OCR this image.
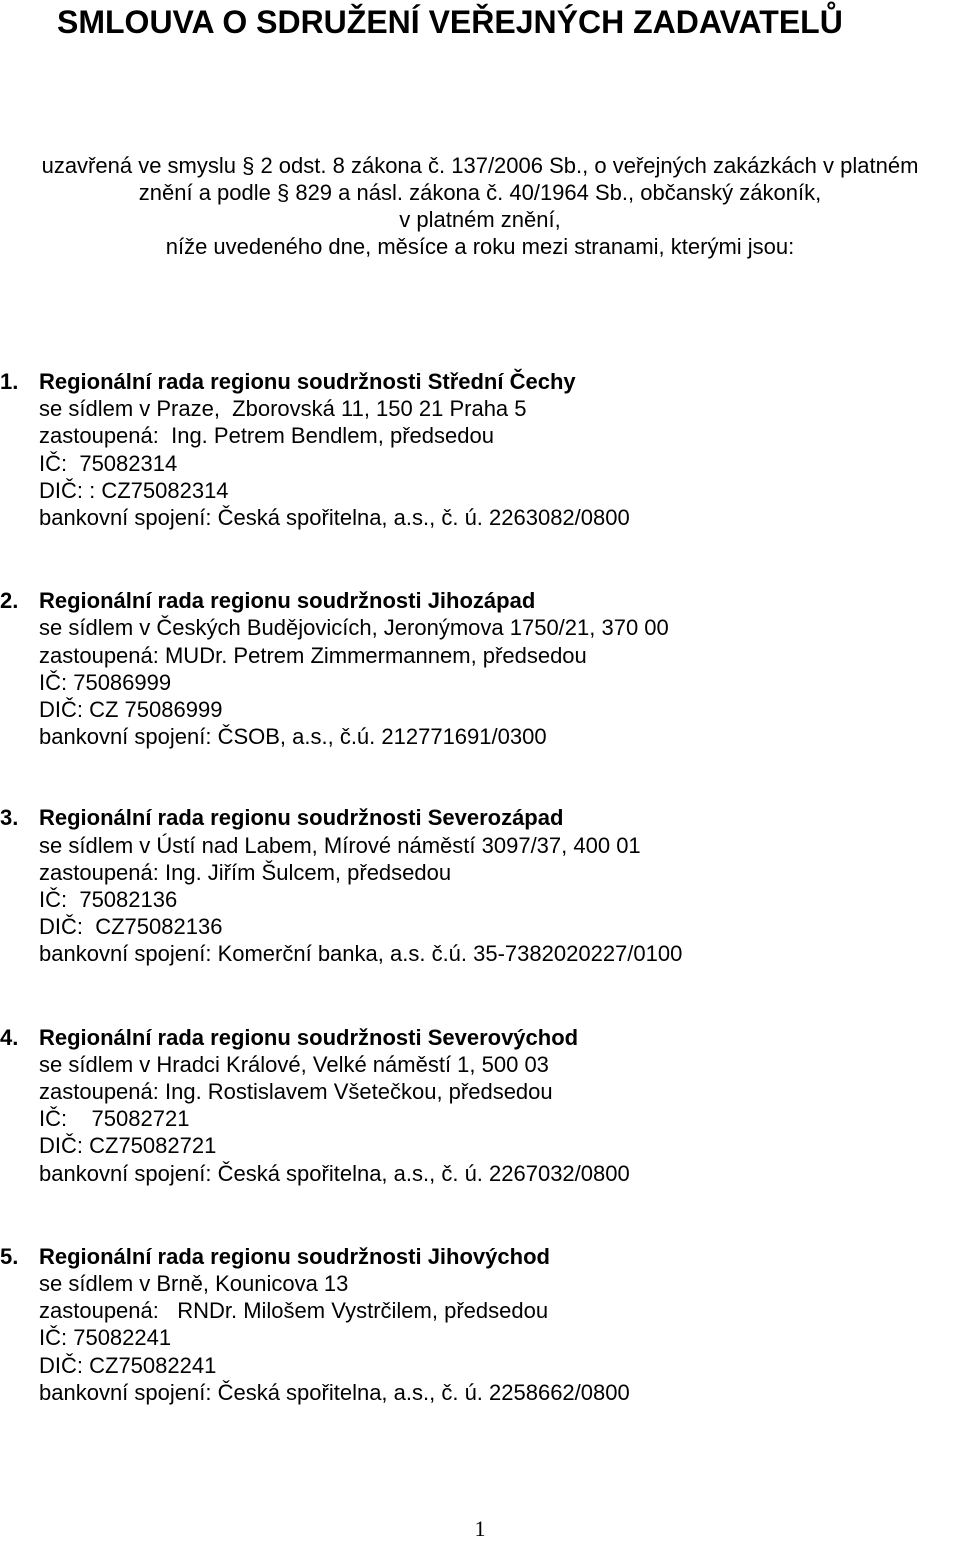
SMLOUVA O SDRUŽENÍ VEŘEJNÝCH ZADAVATELŮ
uzavřená ve smyslu § 2 odst. 8 zákona č. 137/2006 Sb., o veřejných zakázkách v platném
znění a podle § 829 a násl. zákona č. 40/1964 Sb., občanský zákoník,
v platném znění,
níže uvedeného dne, měsíce a roku mezi stranami, kterými jsou:
1. Regionální rada regionu soudržnosti Střední Čechy
se sídlem v Praze,  Zborovská 11, 150 21 Praha 5
zastoupená:  Ing. Petrem Bendlem, předsedou
IČ:  75082314
DIČ: : CZ75082314
bankovní spojení: Česká spořitelna, a.s., č. ú. 2263082/0800
2. Regionální rada regionu soudržnosti Jihozápad
se sídlem v Českých Budějovicích, Jeronýmova 1750/21, 370 00
zastoupená: MUDr. Petrem Zimmermannem, předsedou
IČ: 75086999
DIČ: CZ 75086999
bankovní spojení: ČSOB, a.s., č.ú. 212771691/0300
3. Regionální rada regionu soudržnosti Severozápad
se sídlem v Ústí nad Labem, Mírové náměstí 3097/37, 400 01
zastoupená: Ing. Jiřím Šulcem, předsedou
IČ:  75082136
DIČ:  CZ75082136
bankovní spojení: Komerční banka, a.s. č.ú. 35-7382020227/0100
4. Regionální rada regionu soudržnosti Severovýchod
se sídlem v Hradci Králové, Velké náměstí 1, 500 03
zastoupená: Ing. Rostislavem Všetečkou, předsedou
IČ:    75082721
DIČ: CZ75082721
bankovní spojení: Česká spořitelna, a.s., č. ú. 2267032/0800
5. Regionální rada regionu soudržnosti Jihovýchod
se sídlem v Brně, Kounicova 13
zastoupená:   RNDr. Milošem Vystrčilem, předsedou
IČ: 75082241
DIČ: CZ75082241
bankovní spojení: Česká spořitelna, a.s., č. ú. 2258662/0800
1
